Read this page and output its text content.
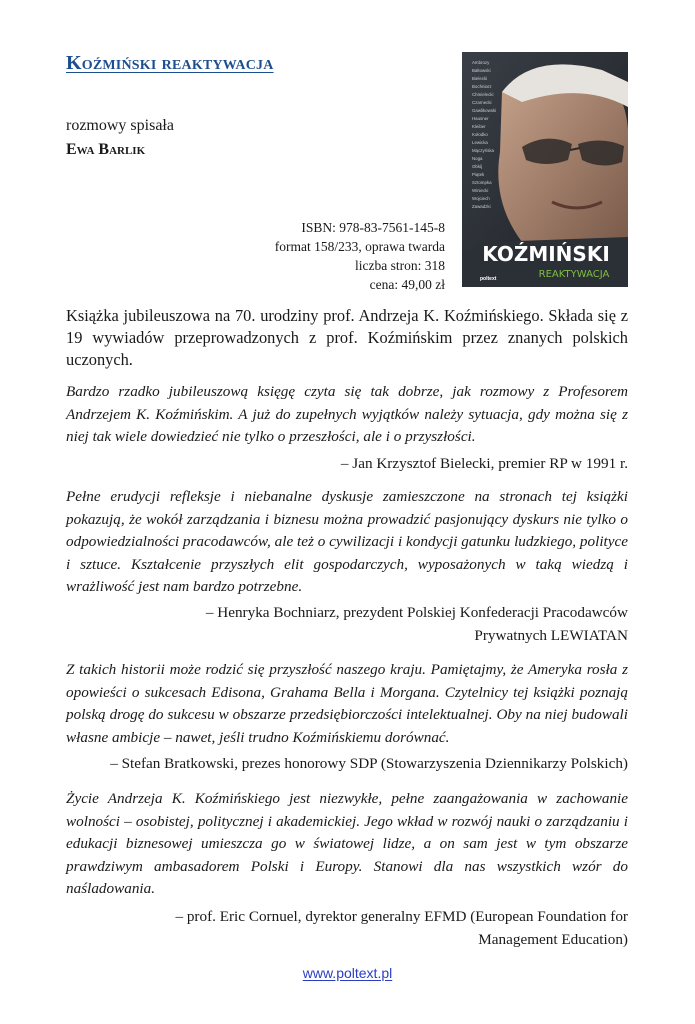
Koźmiński reaktywacja
rozmowy spisała
Ewa Barlik
ISBN: 978-83-7561-145-8
format 158/233, oprawa twarda
liczba stron: 318
cena: 49,00 zł
Ambrozy
Bałtowski
Bielecki
Bochniarz
Chmielecki
Czarnecki
Gawlikowski
Hausner
Kleiber
Kołodko
Lewicka
Mączyńska
Noga
Obłój
Piątek
Sztompka
Winiecki
Wojciech
Zawadzki
KOŹMIŃSKI
REAKTYWACJA
poltext

Książka jubileuszowa na 70. urodziny prof. Andrzeja K. Koźmińskiego. Składa się z 19 wywiadów przeprowadzonych z prof. Koźmińskim przez znanych polskich uczonych.

Bardzo rzadko jubileuszową księgę czyta się tak dobrze, jak rozmowy z Profesorem Andrzejem K. Koźmińskim. A już do zupełnych wyjątków należy sytuacja, gdy można się z niej tak wiele dowiedzieć nie tylko o przeszłości, ale i o przyszłości.

– Jan Krzysztof Bielecki, premier RP w 1991 r.

Pełne erudycji refleksje i niebanalne dyskusje zamieszczone na stronach tej książki pokazują, że wokół zarządzania i biznesu można prowadzić pasjonujący dyskurs nie tylko o odpowiedzialności pracodawców, ale też o cywilizacji i kondycji gatunku ludzkiego, polityce i sztuce. Kształcenie przyszłych elit gospodarczych, wyposażonych w taką wiedzą i wrażliwość jest nam bardzo potrzebne.

– Henryka Bochniarz, prezydent Polskiej Konfederacji Pracodawców Prywatnych LEWIATAN

Z takich historii może rodzić się przyszłość naszego kraju. Pamiętajmy, że Ameryka rosła z opowieści o sukcesach Edisona, Grahama Bella i Morgana. Czytelnicy tej książki poznają polską drogę do sukcesu w obszarze przedsiębiorczości intelektualnej. Oby na niej budowali własne ambicje – nawet, jeśli trudno Koźmińskiemu dorównać.

– Stefan Bratkowski, prezes honorowy SDP (Stowarzyszenia Dziennikarzy Polskich)

Życie Andrzeja K. Koźmińskiego jest niezwykłe, pełne zaangażowania w zachowanie wolności – osobistej, politycznej i akademickiej. Jego wkład w rozwój nauki o zarządzaniu i edukacji biznesowej umieszcza go w światowej lidze, a on sam jest w tym obszarze prawdziwym ambasadorem Polski i Europy. Stanowi dla nas wszystkich wzór do naśladowania.

– prof. Eric Cornuel, dyrektor generalny EFMD (European Foundation for Management Education)

www.poltext.pl
